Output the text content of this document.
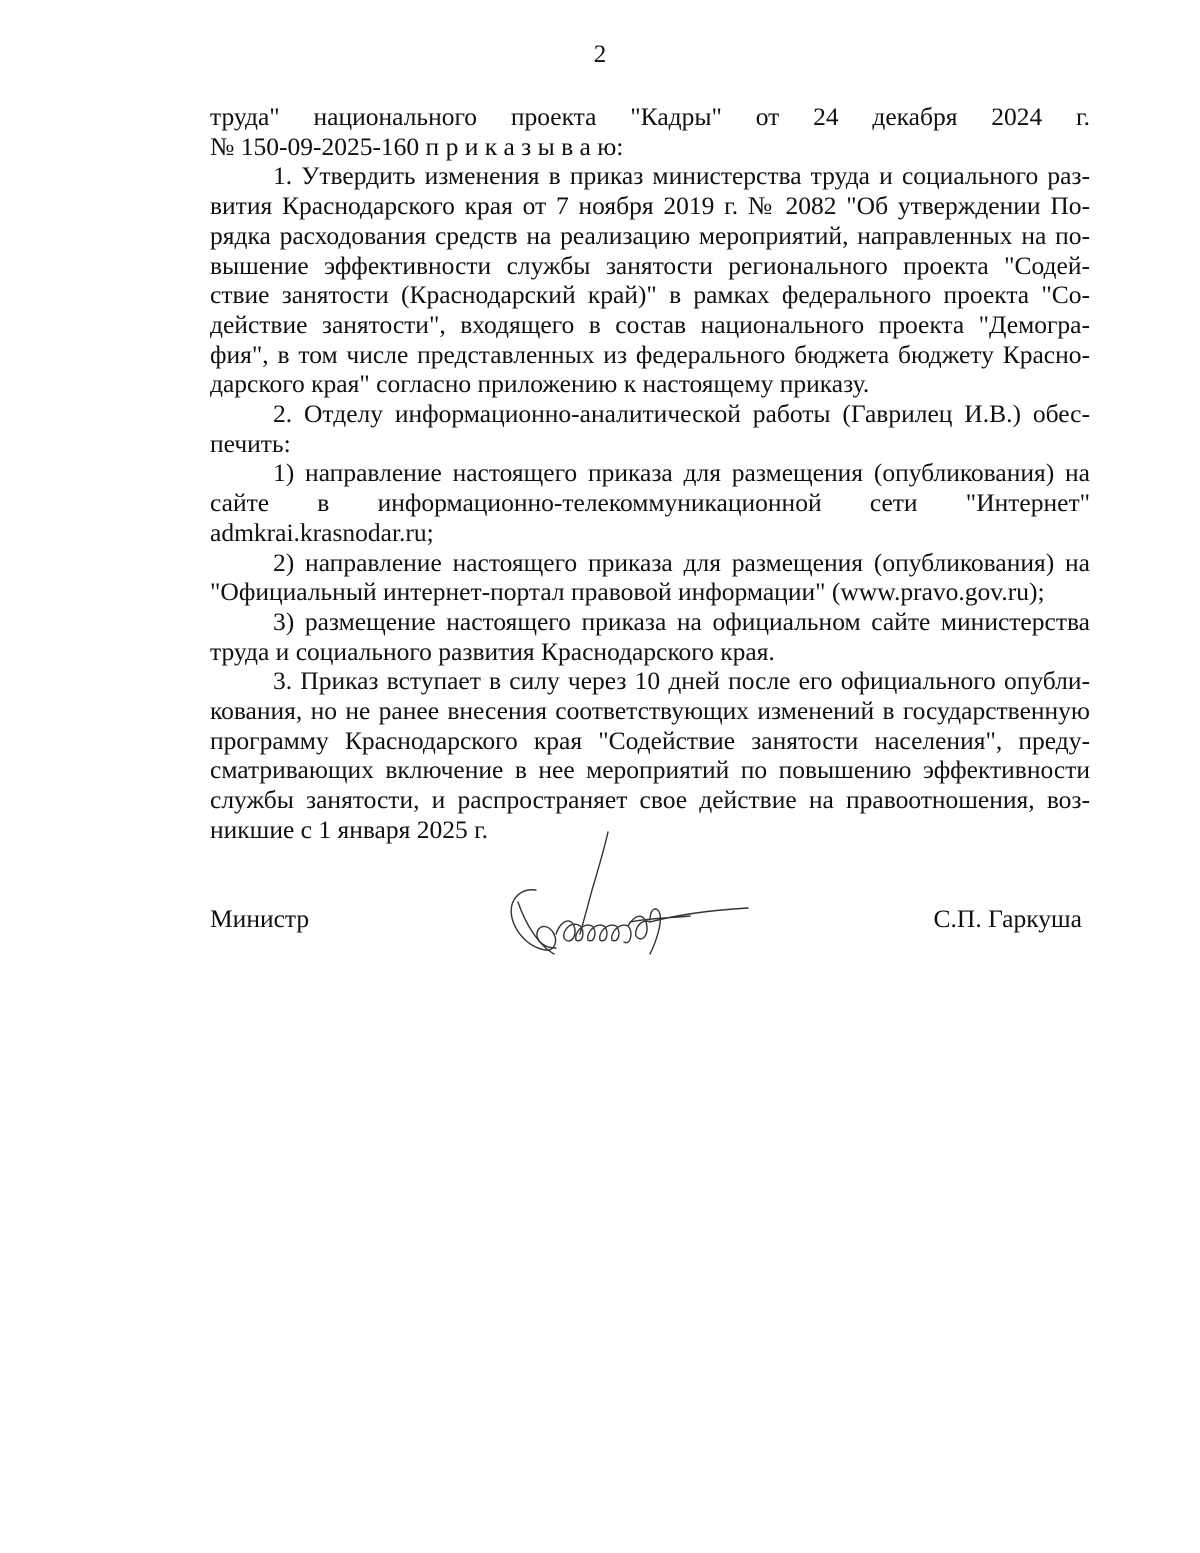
2

труда" национального проекта "Кадры" от 24 декабря 2024 г.
№ 150-09-2025-160 п р и к а з ы в а ю:

1. Утвердить изменения в приказ министерства труда и социального раз-
вития Краснодарского края от 7 ноября 2019 г. № 2082 "Об утверждении По-
рядка расходования средств на реализацию мероприятий, направленных на по-
вышение эффективности службы занятости регионального проекта "Содей-
ствие занятости (Краснодарский край)" в рамках федерального проекта "Со-
действие занятости", входящего в состав национального проекта "Демогра-
фия", в том числе представленных из федерального бюджета бюджету Красно-
дарского края" согласно приложению к настоящему приказу.

2. Отделу информационно-аналитической работы (Гаврилец И.В.) обес-
печить:

1) направление настоящего приказа для размещения (опубликования) на
сайте в информационно-телекоммуникационной сети "Интернет"
admkrai.krasnodar.ru;

2) направление настоящего приказа для размещения (опубликования) на
"Официальный интернет-портал правовой информации" (www.pravo.gov.ru);

3) размещение настоящего приказа на официальном сайте министерства
труда и социального развития Краснодарского края.

3. Приказ вступает в силу через 10 дней после его официального опубли-
кования, но не ранее внесения соответствующих изменений в государственную
программу Краснодарского края "Содействие занятости населения", преду-
сматривающих включение в нее мероприятий по повышению эффективности
службы занятости, и распространяет свое действие на правоотношения, воз-
никшие с 1 января 2025 г.

Министр	С.П. Гаркуша
